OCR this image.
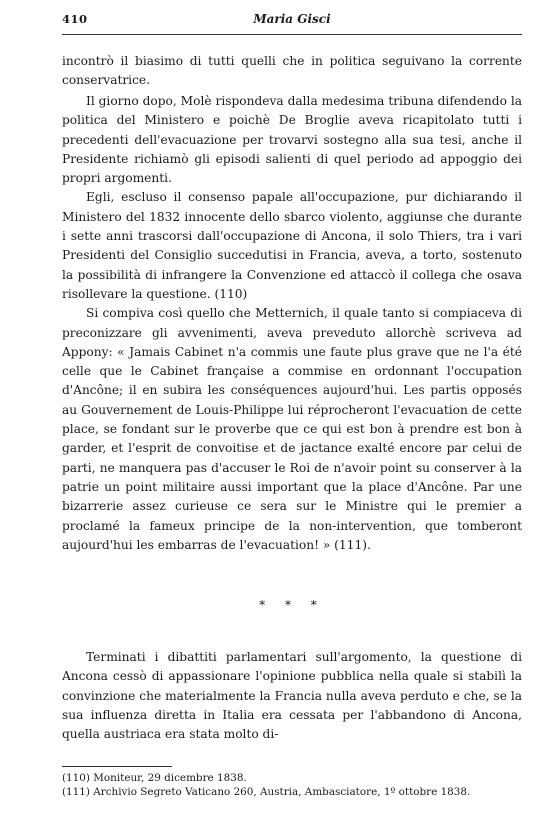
410	Maria Gisci

incontrò il biasimo di tutti quelli che in politica seguivano la corrente conservatrice.

Il giorno dopo, Molè rispondeva dalla medesima tribuna difendendo la politica del Ministero e poichè De Broglie aveva ricapitolato tutti i precedenti dell'evacuazione per trovarvi sostegno alla sua tesi, anche il Presidente richiamò gli episodi salienti di quel periodo ad appoggio dei propri argomenti.

Egli, escluso il consenso papale all'occupazione, pur dichiarando il Ministero del 1832 innocente dello sbarco violento, aggiunse che durante i sette anni trascorsi dall'occupazione di Ancona, il solo Thiers, tra i vari Presidenti del Consiglio succedutisi in Francia, aveva, a torto, sostenuto la possibilità di infrangere la Convenzione ed attaccò il collega che osava risollevare la questione. (110)

Si compiva così quello che Metternich, il quale tanto si compiaceva di preconizzare gli avvenimenti, aveva preveduto allorchè scriveva ad Appony: « Jamais Cabinet n'a commis une faute plus grave que ne l'a été celle que le Cabinet française a commise en ordonnant l'occupation d'Ancône; il en subira les conséquences aujourd'hui. Les partis opposés au Gouvernement de Louis-Philippe lui réprocheront l'evacuation de cette place, se fondant sur le proverbe que ce qui est bon à prendre est bon à garder, et l'esprit de convoitise et de jactance exalté encore par celui de parti, ne manquera pas d'accuser le Roi de n'avoir point su conserver à la patrie un point militaire aussi important que la place d'Ancône. Par une bizarrerie assez curieuse ce sera sur le Ministre qui le premier a proclamé la fameux principe de la non-intervention, que tomberont aujourd'hui les embarras de l'evacuation! » (111).

* * *

Terminati i dibattiti parlamentari sull'argomento, la questione di Ancona cessò di appassionare l'opinione pubblica nella quale si stabilì la convinzione che materialmente la Francia nulla aveva perduto e che, se la sua influenza diretta in Italia era cessata per l'abbandono di Ancona, quella austriaca era stata molto di-

(110) Moniteur, 29 dicembre 1838.

(111) Archivio Segreto Vaticano 260, Austria, Ambasciatore, 1º ottobre 1838.
